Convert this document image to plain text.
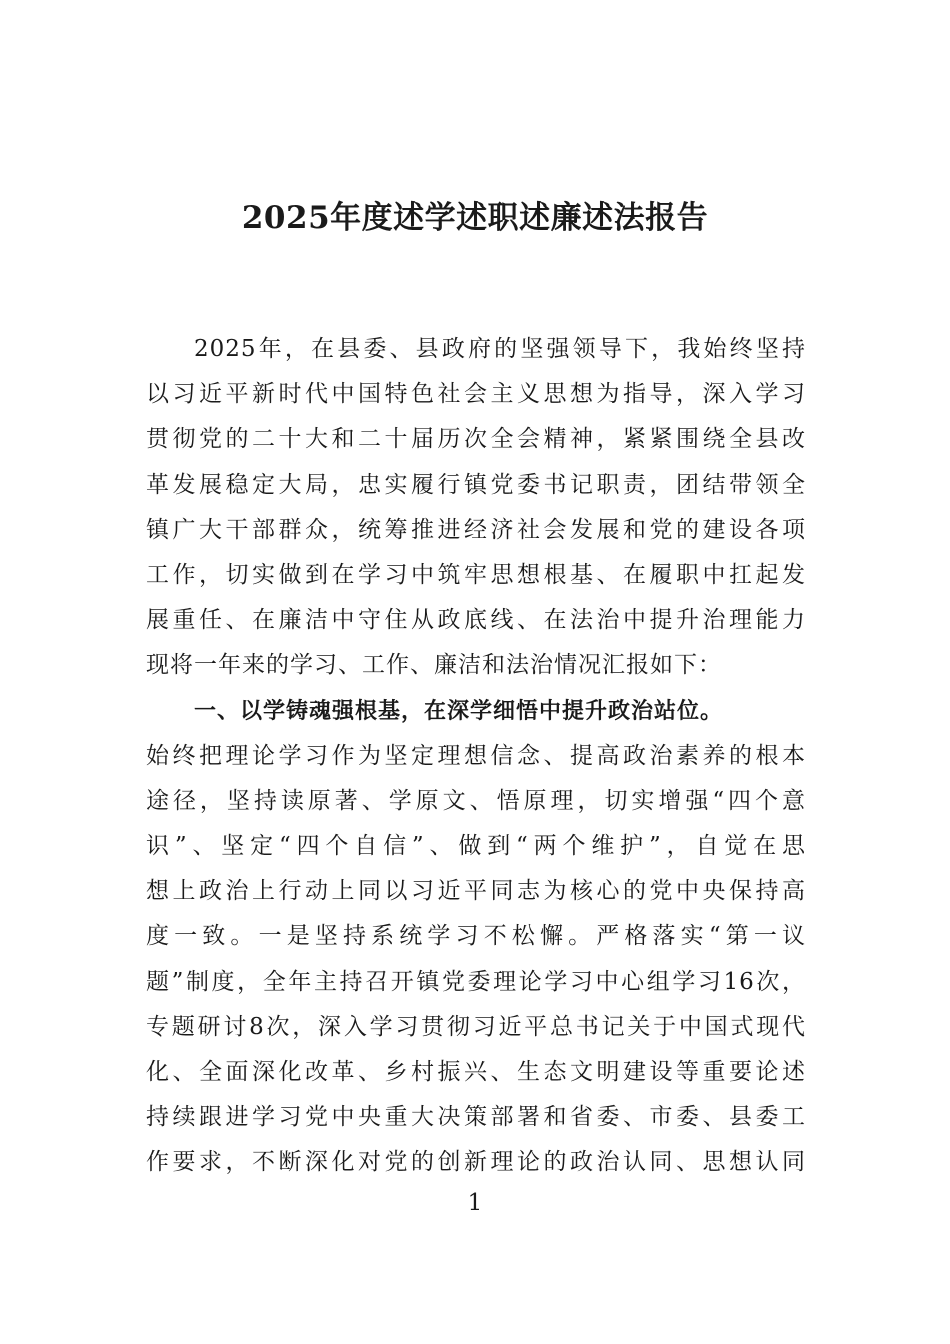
2025年度述学述职述廉述法报告
2025年，在县委、县政府的坚强领导下，我始终坚持
以习近平新时代中国特色社会主义思想为指导，深入学习
贯彻党的二十大和二十届历次全会精神，紧紧围绕全县改
革发展稳定大局，忠实履行镇党委书记职责，团结带领全
镇广大干部群众，统筹推进经济社会发展和党的建设各项
工作，切实做到在学习中筑牢思想根基、在履职中扛起发
展重任、在廉洁中守住从政底线、在法治中提升治理能力
现将一年来的学习、工作、廉洁和法治情况汇报如下：
一、以学铸魂强根基，在深学细悟中提升政治站位。
始终把理论学习作为坚定理想信念、提高政治素养的根本
途径，坚持读原著、学原文、悟原理，切实增强“四个意
识”、坚定“四个自信”、做到“两个维护”，自觉在思
想上政治上行动上同以习近平同志为核心的党中央保持高
度一致。一是坚持系统学习不松懈。严格落实“第一议
题”制度，全年主持召开镇党委理论学习中心组学习16次，
专题研讨8次，深入学习贯彻习近平总书记关于中国式现代
化、全面深化改革、乡村振兴、生态文明建设等重要论述
持续跟进学习党中央重大决策部署和省委、市委、县委工
作要求，不断深化对党的创新理论的政治认同、思想认同
1
